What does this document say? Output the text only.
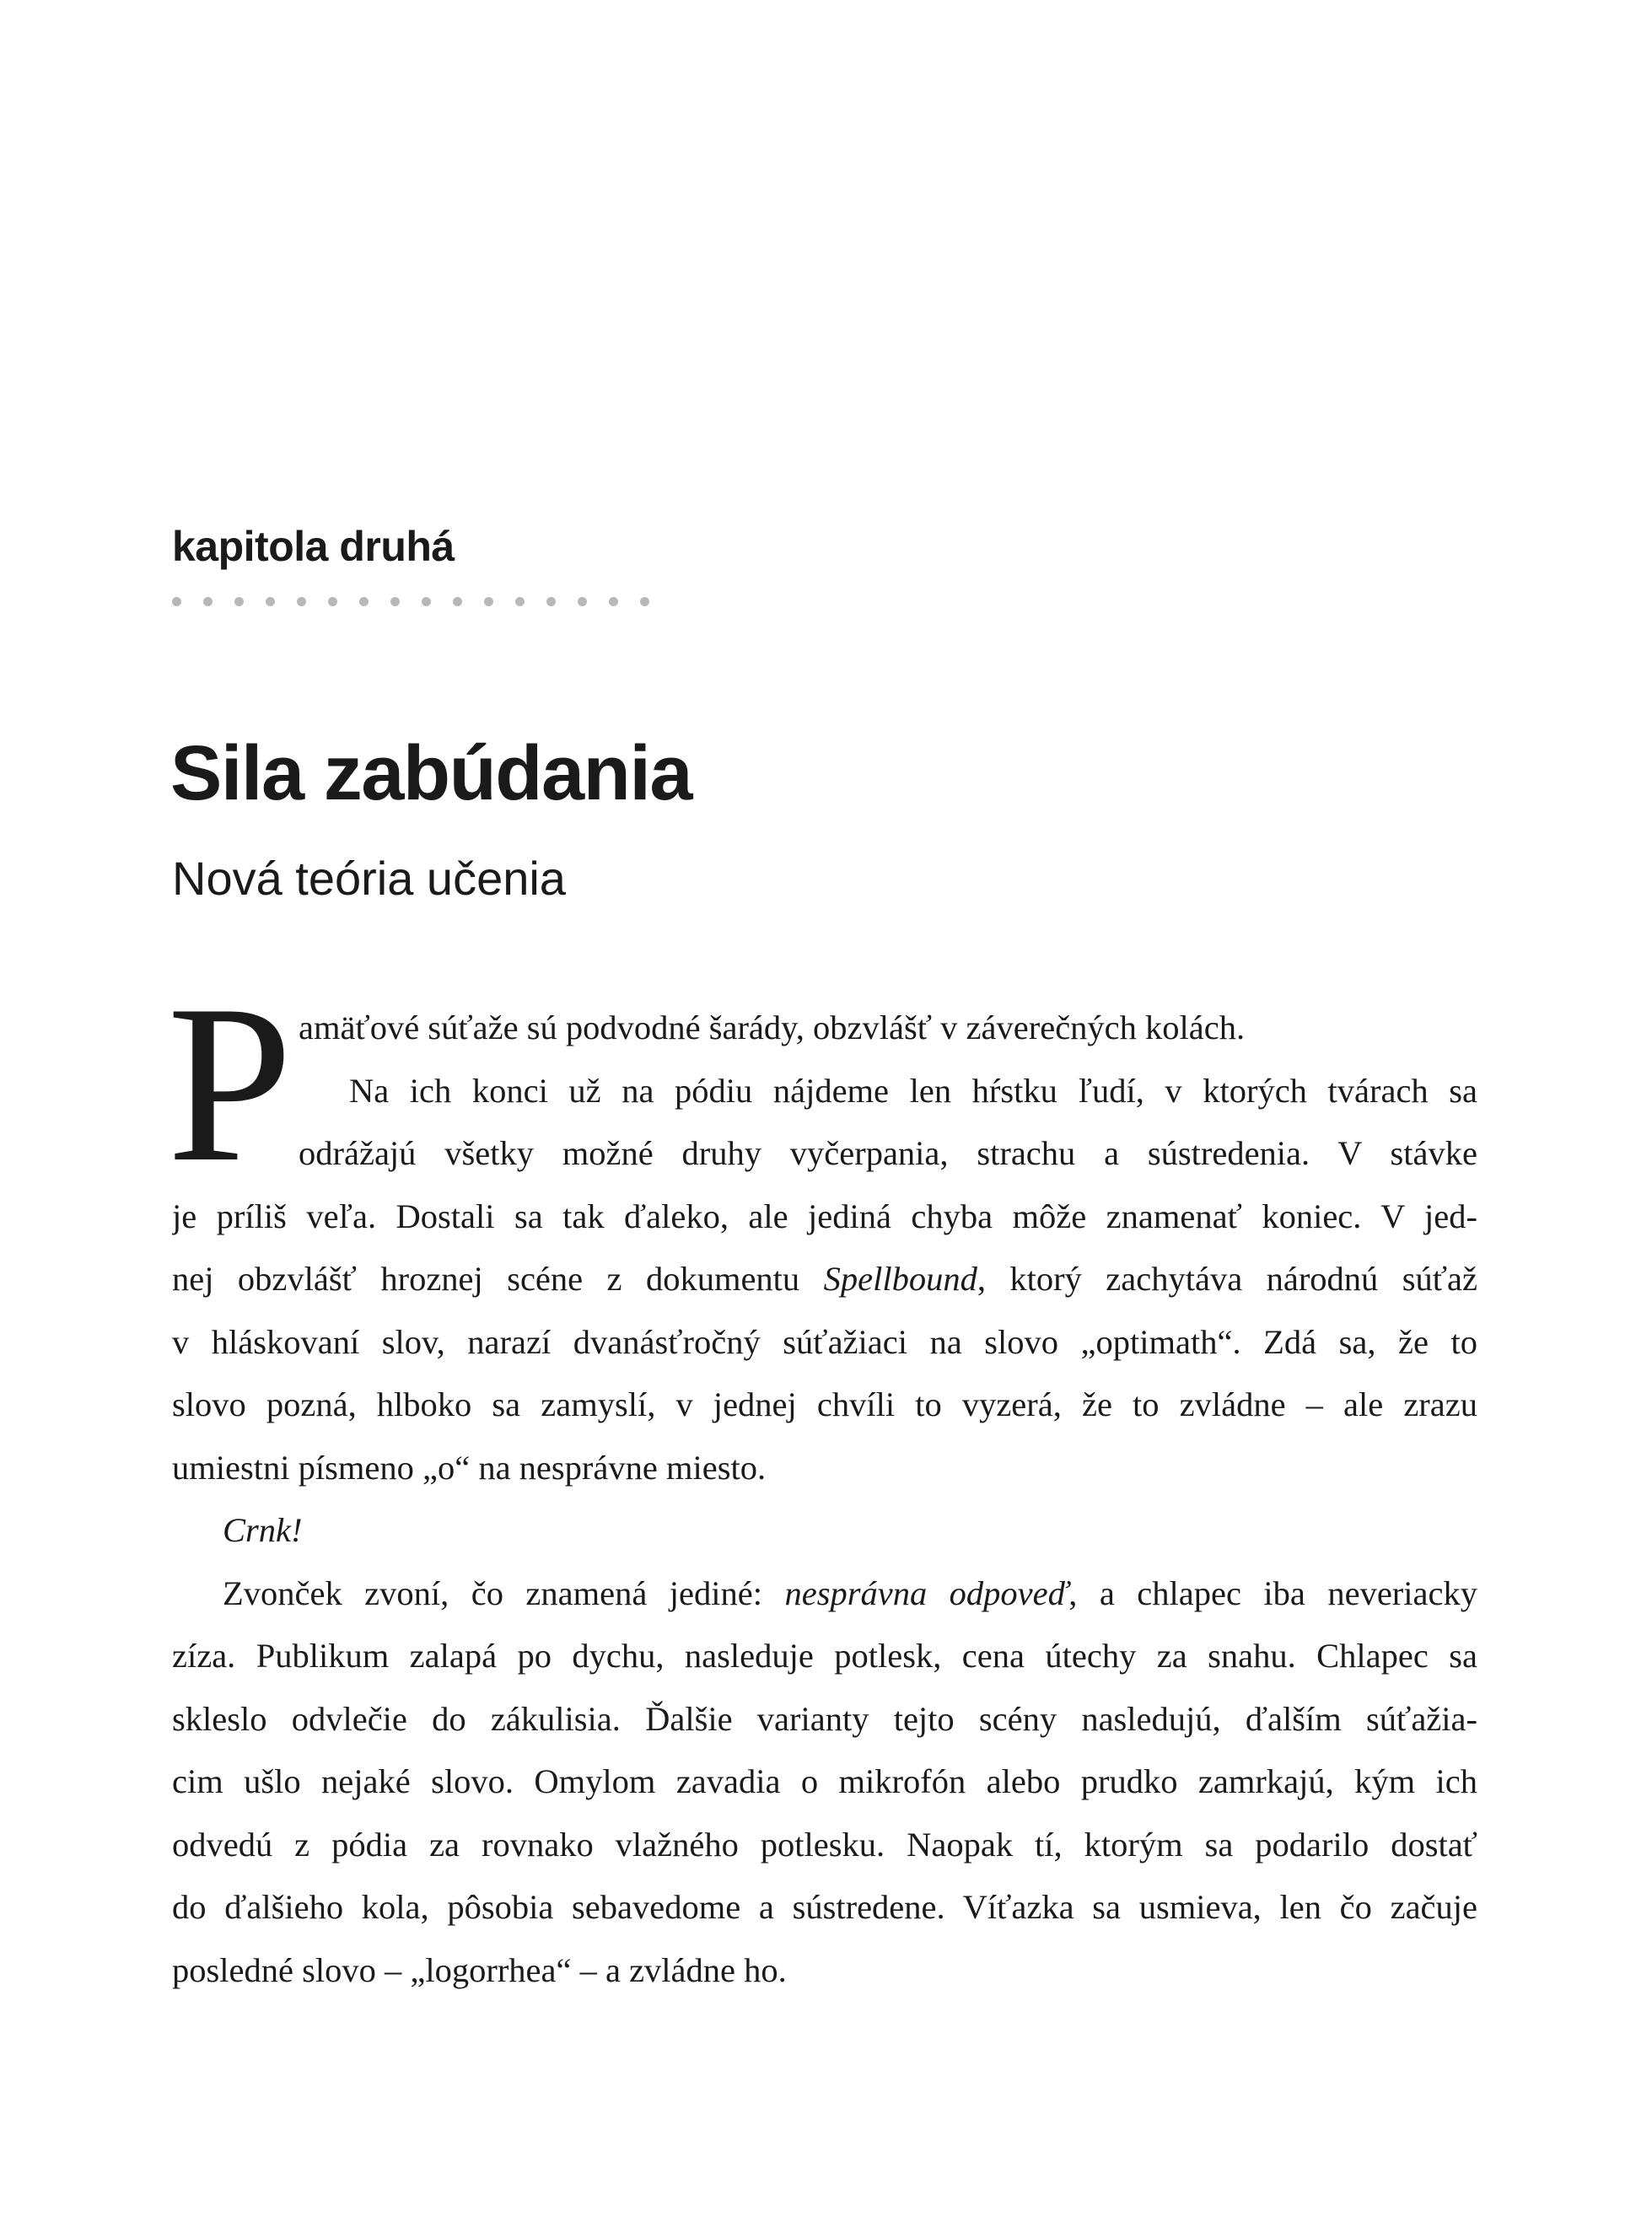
kapitola druhá
Sila zabúdania
Nová teória učenia
P amäťové súťaže sú podvodné šarády, obzvlášť v záverečných kolách.
Na ich konci už na pódiu nájdeme len hŕstku ľudí, v ktorých tvárach sa
odrážajú všetky možné druhy vyčerpania, strachu a sústredenia. V stávke
je príliš veľa. Dostali sa tak ďaleko, ale jediná chyba môže znamenať koniec. V jed-
nej obzvlášť hroznej scéne z dokumentu Spellbound, ktorý zachytáva národnú súťaž
v hláskovaní slov, narazí dvanásťročný súťažiaci na slovo „optimath“. Zdá sa, že to
slovo pozná, hlboko sa zamyslí, v jednej chvíli to vyzerá, že to zvládne – ale zrazu
umiestni písmeno „o“ na nesprávne miesto.
Crnk!
Zvonček zvoní, čo znamená jediné: nesprávna odpoveď, a chlapec iba neveriacky
zíza. Publikum zalapá po dychu, nasleduje potlesk, cena útechy za snahu. Chlapec sa
skleslo odvlečie do zákulisia. Ďalšie varianty tejto scény nasledujú, ďalším súťažia-
cim ušlo nejaké slovo. Omylom zavadia o mikrofón alebo prudko zamrkajú, kým ich
odvedú z pódia za rovnako vlažného potlesku. Naopak tí, ktorým sa podarilo dostať
do ďalšieho kola, pôsobia sebavedome a sústredene. Víťazka sa usmieva, len čo začuje
posledné slovo – „logorrhea“ – a zvládne ho.
